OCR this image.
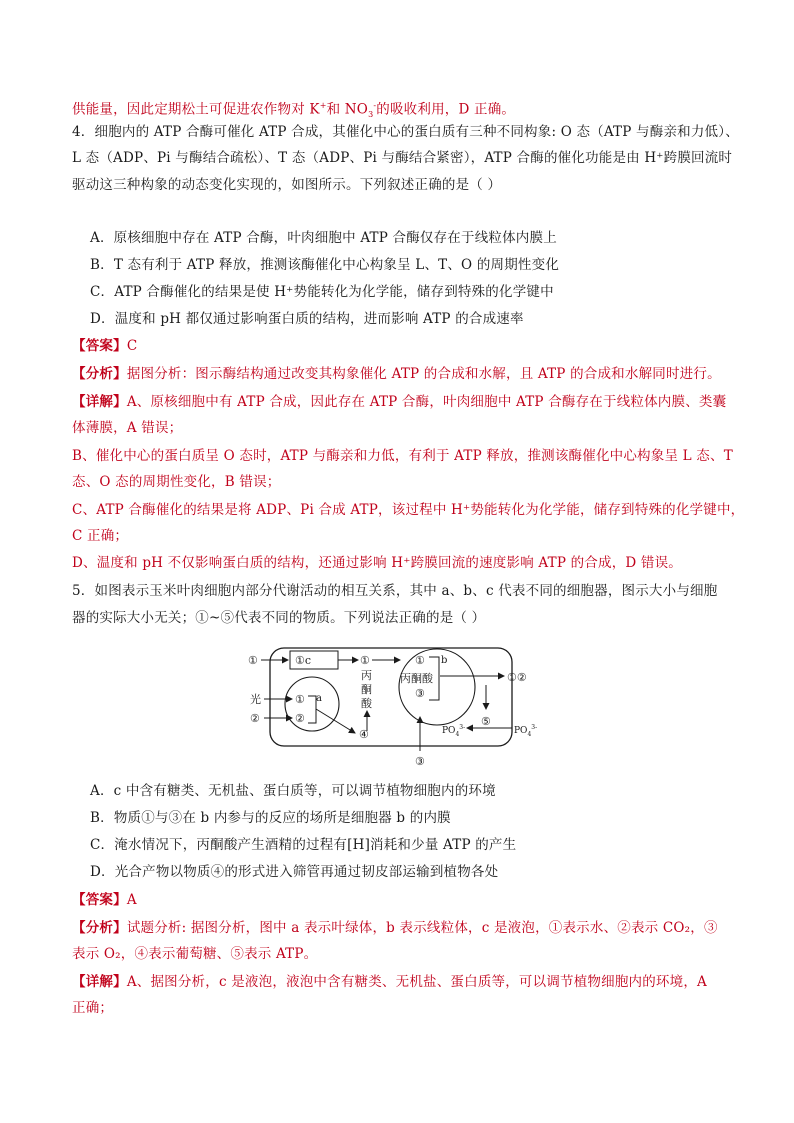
供能量，因此定期松土可促进农作物对 K+和 $NO_3^-$的吸收利用，D 正确。
4．细胞内的 ATP 合酶可催化 ATP 合成，其催化中心的蛋白质有三种不同构象: O 态（ATP 与酶亲和力低）、
L 态（ADP、Pi 与酶结合疏松）、T 态（ADP、Pi 与酶结合紧密），ATP 合酶的催化功能是由 H⁺跨膜回流时
驱动这三种构象的动态变化实现的，如图所示。下列叙述正确的是（ ）
A．原核细胞中存在 ATP 合酶，叶肉细胞中 ATP 合酶仅存在于线粒体内膜上
B．T 态有利于 ATP 释放，推测该酶催化中心构象呈 L、T、O 的周期性变化
C．ATP 合酶催化的结果是使 H⁺势能转化为化学能，储存到特殊的化学键中
D．温度和 pH 都仅通过影响蛋白质的结构，进而影响 ATP 的合成速率
【答案】C
【分析】据图分析：图示酶结构通过改变其构象催化 ATP 的合成和水解，且 ATP 的合成和水解同时进行。
【详解】A、原核细胞中有 ATP 合成，因此存在 ATP 合酶，叶肉细胞中 ATP 合酶存在于线粒体内膜、类囊
体薄膜，A 错误；
B、催化中心的蛋白质呈 O 态时，ATP 与酶亲和力低，有利于 ATP 释放，推测该酶催化中心构象呈 L 态、T
态、O 态的周期性变化，B 错误；
C、ATP 合酶催化的结果是将 ADP、Pi 合成 ATP，该过程中 H⁺势能转化为化学能，储存到特殊的化学键中，
C 正确；
D、温度和 pH 不仅影响蛋白质的结构，还通过影响 H⁺跨膜回流的速度影响 ATP 的合成，D 错误。
5．如图表示玉米叶肉细胞内部分代谢活动的相互关系，其中 a、b、c 代表不同的细胞器，图示大小与细胞
器的实际大小无关；①~⑤代表不同的物质。下列说法正确的是（ ）
①c
①	①
丙
酮
酸
① b
丙酮酸
③
①②
⑤
光	① a
②	②
④	$PO_4^{3-}$	$PO_4^{3-}$
③
A．c 中含有糖类、无机盐、蛋白质等，可以调节植物细胞内的环境
B．物质①与③在 b 内参与的反应的场所是细胞器 b 的内膜
C．淹水情况下，丙酮酸产生酒精的过程有[H]消耗和少量 ATP 的产生
D．光合产物以物质④的形式进入筛管再通过韧皮部运输到植物各处
【答案】A
【分析】试题分析: 据图分析，图中 a 表示叶绿体，b 表示线粒体，c 是液泡，①表示水、②表示 CO₂，③
表示 O₂，④表示葡萄糖、⑤表示 ATP。
【详解】A、据图分析，c 是液泡，液泡中含有糖类、无机盐、蛋白质等，可以调节植物细胞内的环境，A
正确；
